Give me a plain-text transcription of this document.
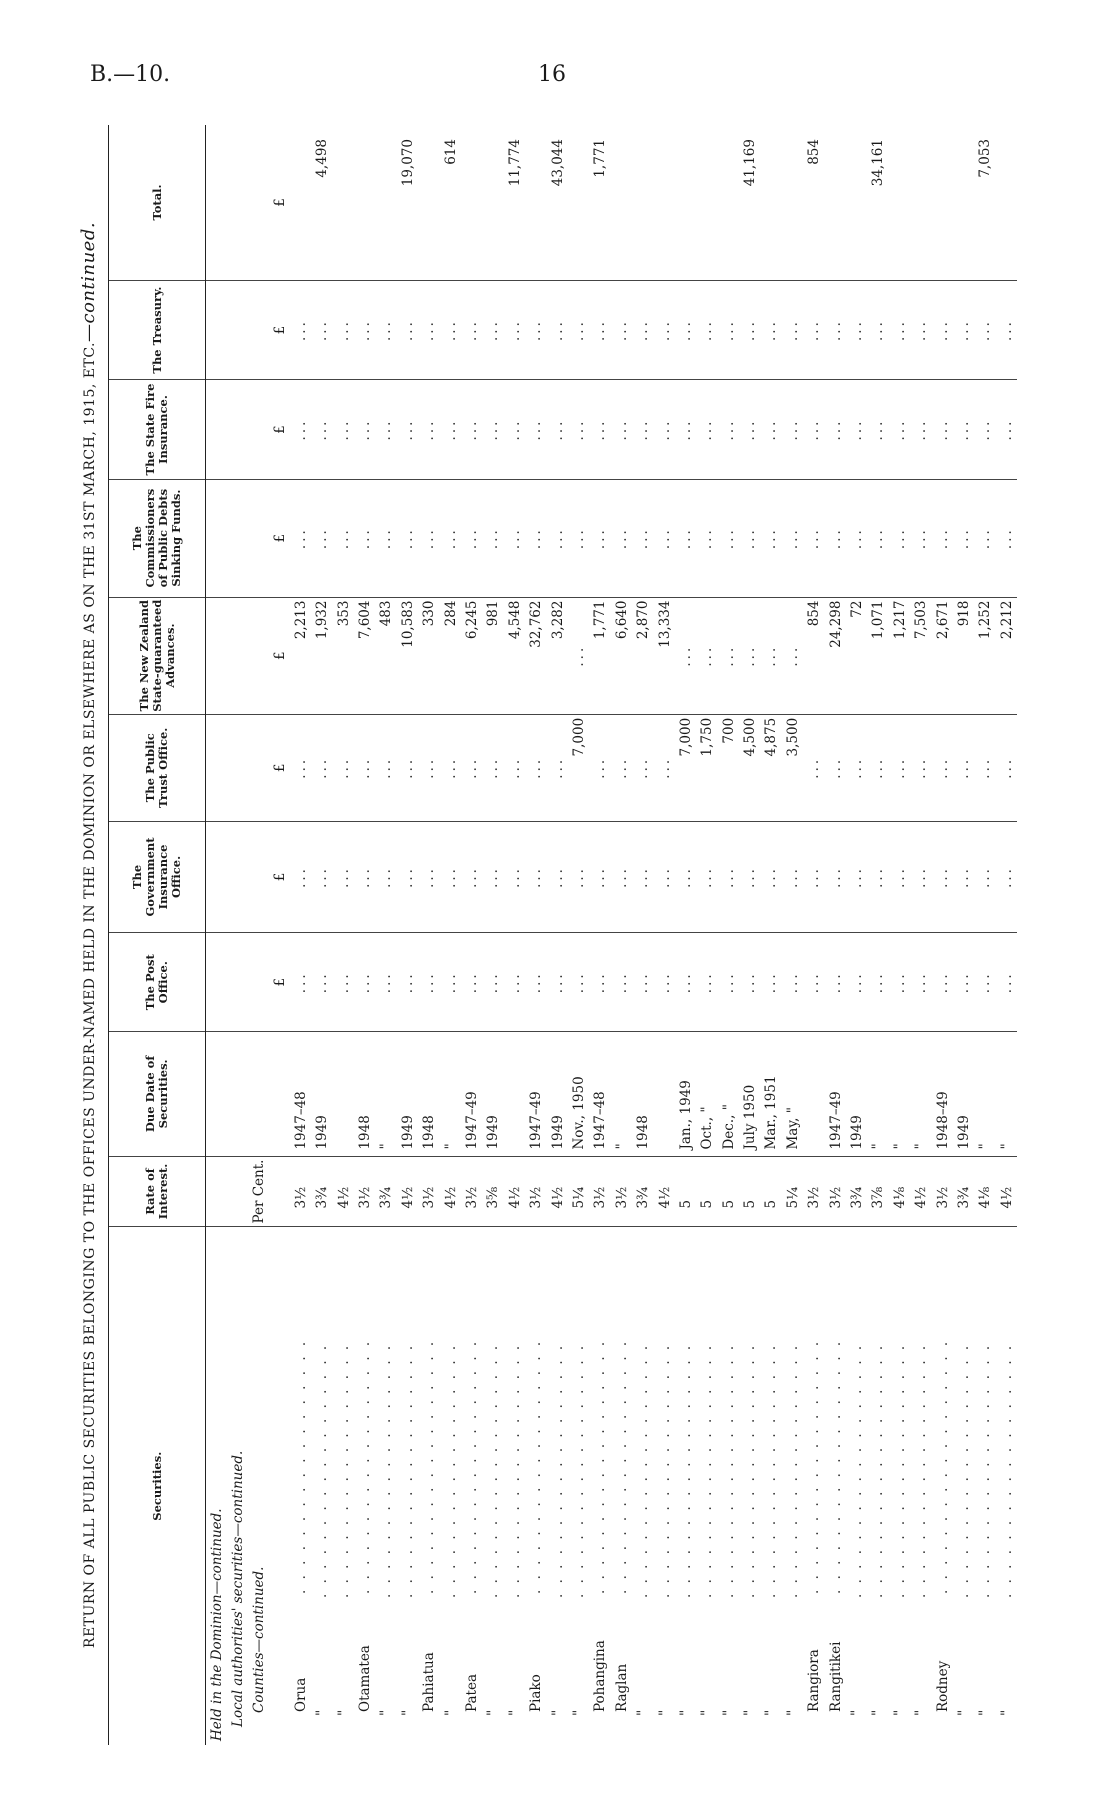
B.—10.	16
RETURN OF ALL PUBLIC SECURITIES BELONGING TO THE OFFICES UNDER-NAMED HELD IN THE DOMINION OR ELSEWHERE AS ON THE 31ST MARCH, 1915, ETC.—continued.
Securities.	Rate of Interest.	Due Date of Securities.	The Post Office.	The Government Insurance Office.	The Public Trust Office.	The New Zealand State-guaranteed Advances.	The Commissioners of Public Debts Sinking Funds.	The State Fire Insurance.	The Treasury.	Total.
Held in the Dominion—continued.										
Local authorities' securities—continued.										
Counties—continued.	Per Cent.									
			£	£	£	£	£	£	£	£
Orua. . . . . . . . . . . . . . . . . .	3½	1947–48	...	...	...	2,213	...	...	...	
". . . . . . . . . . . . . . . . . .	3¾	1949	...	...	...	1,932	...	...	...	4,498
". . . . . . . . . . . . . . . . . .	4½		...	...	...	353	...	...	...	
Otamatea. . . . . . . . . . . . . . . . . .	3½	1948	...	...	...	7,604	...	...	...	
". . . . . . . . . . . . . . . . . .	3¾	"	...	...	...	483	...	...	...	
". . . . . . . . . . . . . . . . . .	4½	1949	...	...	...	10,583	...	...	...	19,070
Pahiatua. . . . . . . . . . . . . . . . . .	3½	1948	...	...	...	330	...	...	...	
". . . . . . . . . . . . . . . . . .	4½	"	...	...	...	284	...	...	...	614
Patea. . . . . . . . . . . . . . . . . .	3½	1947–49	...	...	...	6,245	...	...	...	
". . . . . . . . . . . . . . . . . .	3⅝	1949	...	...	...	981	...	...	...	
". . . . . . . . . . . . . . . . . .	4½		...	...	...	4,548	...	...	...	11,774
Piako. . . . . . . . . . . . . . . . . .	3½	1947–49	...	...	...	32,762	...	...	...	
". . . . . . . . . . . . . . . . . .	4½	1949	...	...	...	3,282	...	...	...	43,044
". . . . . . . . . . . . . . . . . .	5¼	Nov., 1950	...	...	7,000	...	...	...	...	
Pohangina. . . . . . . . . . . . . . . . . .	3½	1947–48	...	...	...	1,771	...	...	...	1,771
Raglan. . . . . . . . . . . . . . . . . .	3½	"	...	...	...	6,640	...	...	...	
". . . . . . . . . . . . . . . . . .	3¾	1948	...	...	...	2,870	...	...	...	
". . . . . . . . . . . . . . . . . .	4½		...	...	...	13,334	...	...	...	
". . . . . . . . . . . . . . . . . .	5	Jan., 1949	...	...	7,000	...	...	...	...	
". . . . . . . . . . . . . . . . . .	5	Oct., "	...	...	1,750	...	...	...	...	
". . . . . . . . . . . . . . . . . .	5	Dec., "	...	...	700	...	...	...	...	
". . . . . . . . . . . . . . . . . .	5	July 1950	...	...	4,500	...	...	...	...	41,169
". . . . . . . . . . . . . . . . . .	5	Mar., 1951	...	...	4,875	...	...	...	...	
". . . . . . . . . . . . . . . . . .	5¼	May, "	...	...	3,500	...	...	...	...	
Rangiora. . . . . . . . . . . . . . . . . .	3½		...	...	...	854	...	...	...	854
Rangitikei. . . . . . . . . . . . . . . . . .	3½	1947–49	...	...	...	24,298	...	...	...	
". . . . . . . . . . . . . . . . . .	3¾	1949	...	...	...	72	...	...	...	
". . . . . . . . . . . . . . . . . .	3⅞	"	...	...	...	1,071	...	...	...	34,161
". . . . . . . . . . . . . . . . . .	4⅛	"	...	...	...	1,217	...	...	...	
". . . . . . . . . . . . . . . . . .	4½	"	...	...	...	7,503	...	...	...	
Rodney. . . . . . . . . . . . . . . . . .	3½	1948–49	...	...	...	2,671	...	...	...	
". . . . . . . . . . . . . . . . . .	3¾	1949	...	...	...	918	...	...	...	
". . . . . . . . . . . . . . . . . .	4⅛	"	...	...	...	1,252	...	...	...	7,053
". . . . . . . . . . . . . . . . . .	4½	"	...	...	...	2,212	...	...	...	
